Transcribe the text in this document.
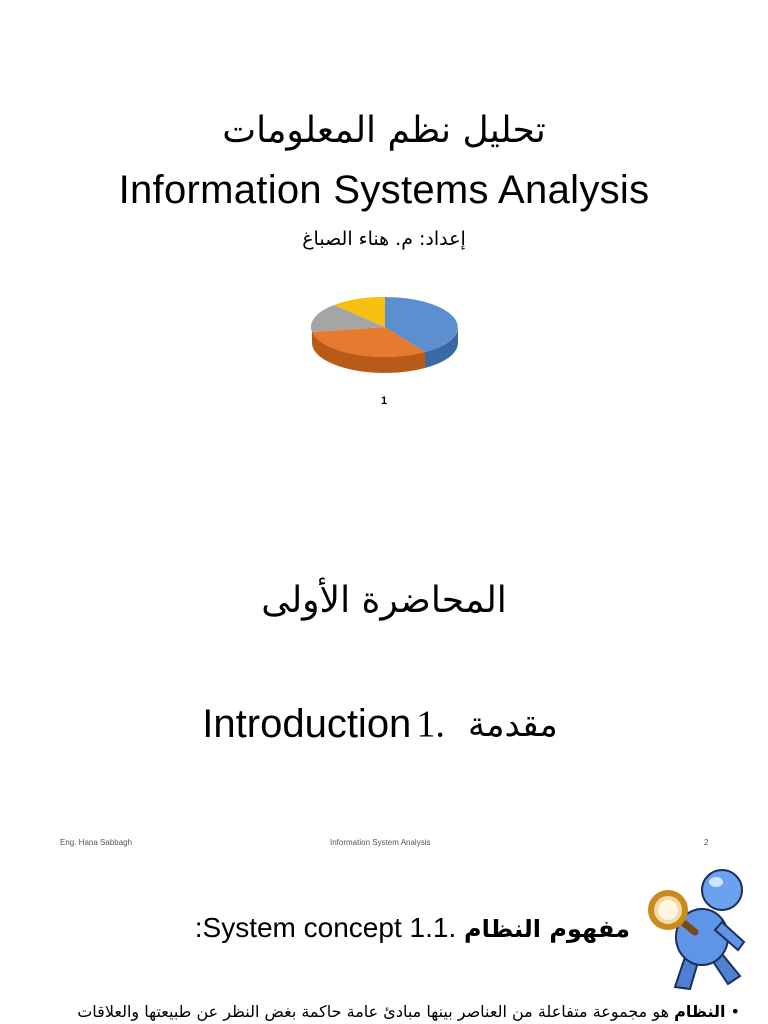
تحليل نظم المعلومات
Information Systems Analysis
إعداد: م. هناء الصباغ
1
المحاضرة الأولى
Introduction مقدمة .1
Eng. Hana Sabbagh	Information System Analysis	2
:System concept	مفهوم النظام .1.1
• النظام هو مجموعة متفاعلة من العناصر بينها مبادئ عامة حاكمة بغض النظر عن طبيعتها والعلاقات
